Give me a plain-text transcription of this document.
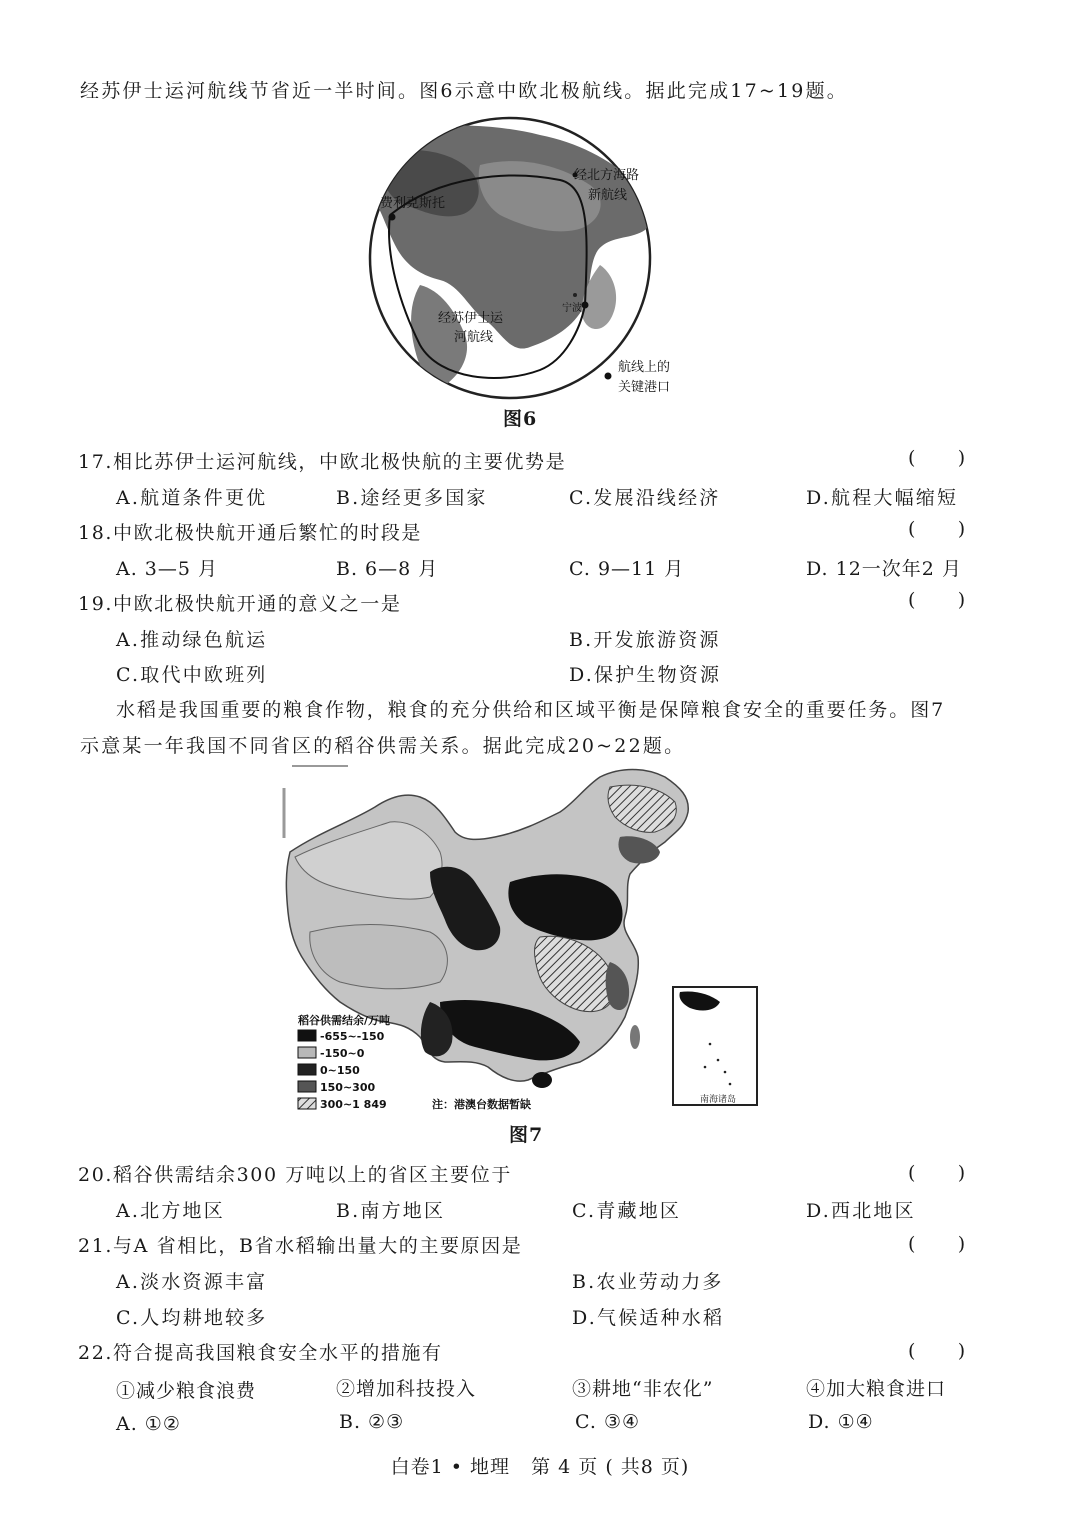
经苏伊士运河航线节省近一半时间。图6示意中欧北极航线。据此完成17~19题。
费利克斯托
经北方海路
新航线
经苏伊士运
河航线
宁波
航线上的
关键港口
图6
17.相比苏伊士运河航线，中欧北极快航的主要优势是	(       )
A.航道条件更优	B.途经更多国家	C.发展沿线经济	D.航程大幅缩短
18.中欧北极快航开通后繁忙的时段是	(       )
A. 3—5 月	B. 6—8 月	C. 9—11 月	D. 12一次年2 月
19.中欧北极快航开通的意义之一是	(       )
A.推动绿色航运	B.开发旅游资源
C.取代中欧班列	D.保护生物资源
水稻是我国重要的粮食作物，粮食的充分供给和区域平衡是保障粮食安全的重要任务。图7
示意某一年我国不同省区的稻谷供需关系。据此完成20~22题。
南海诸岛
稻谷供需结余/万吨
-655~-150
-150~0
0~150
150~300
300~1 849	注：港澳台数据暂缺
图7
20.稻谷供需结余300 万吨以上的省区主要位于	(       )
A.北方地区	B.南方地区	C.青藏地区	D.西北地区
21.与A 省相比，B省水稻输出量大的主要原因是	(       )
A.淡水资源丰富	B.农业劳动力多
C.人均耕地较多	D.气候适种水稻
22.符合提高我国粮食安全水平的措施有	(       )
①减少粮食浪费	②增加科技投入	③耕地“非农化”	④加大粮食进口
A. ①②	B. ②③	C. ③④	D. ①④
白卷1 • 地理   第 4 页 ( 共8 页)
